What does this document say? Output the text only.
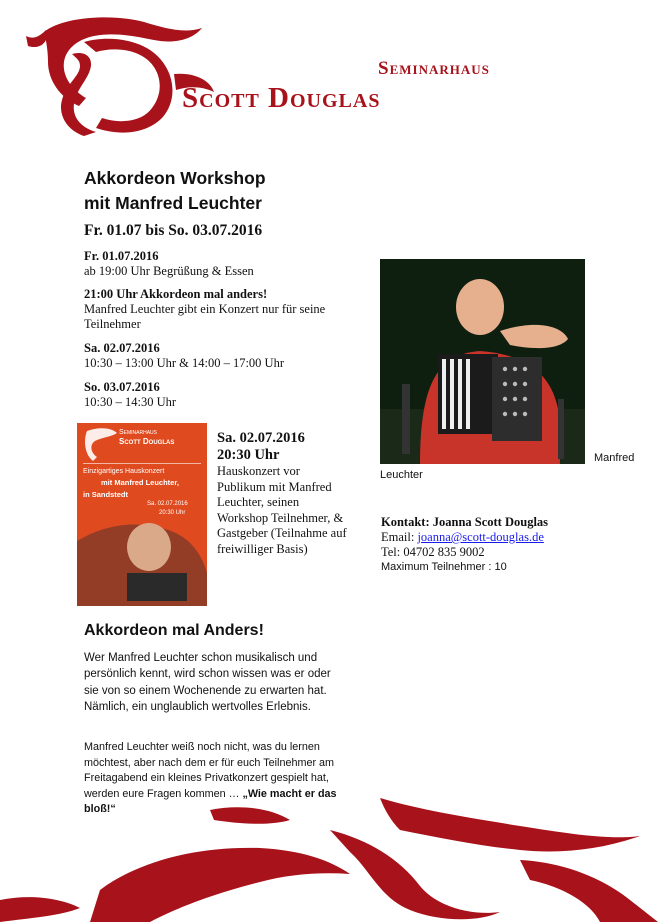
Seminarhaus
Scott Douglas
Akkordeon Workshop
mit Manfred Leuchter
Fr. 01.07 bis So. 03.07.2016
Fr. 01.07.2016
ab 19:00 Uhr Begrüßung & Essen
21:00 Uhr Akkordeon mal anders!
Manfred Leuchter gibt ein Konzert nur für seine Teilnehmer
Sa. 02.07.2016
10:30 – 13:00 Uhr & 14:00 – 17:00 Uhr
So. 03.07.2016
10:30 – 14:30 Uhr
Manfred
Leuchter
Kontakt: Joanna Scott Douglas
Email: joanna@scott-douglas.de
Tel: 04702 835 9002
Maximum Teilnehmer : 10
Seminarhaus
Scott Douglas
Einzigartiges Hauskonzert
mit Manfred Leuchter,
in Sandstedt
Sa. 02.07.2016
20:30 Uhr
Sa. 02.07.2016
20:30 Uhr
Hauskonzert vor Publikum mit Manfred Leuchter, seinen Workshop Teilnehmer, & Gastgeber (Teilnahme auf freiwilliger Basis)
Akkordeon mal Anders!
Wer Manfred Leuchter schon musikalisch und persönlich kennt, wird schon wissen was er oder sie von so einem Wochenende zu erwarten hat. Nämlich, ein unglaublich wertvolles Erlebnis.
Manfred Leuchter weiß noch nicht, was du lernen möchtest, aber nach dem er für euch Teilnehmer am Freitagabend ein kleines Privatkonzert gespielt hat, werden eure Fragen kommen … „Wie macht er das bloß!“
